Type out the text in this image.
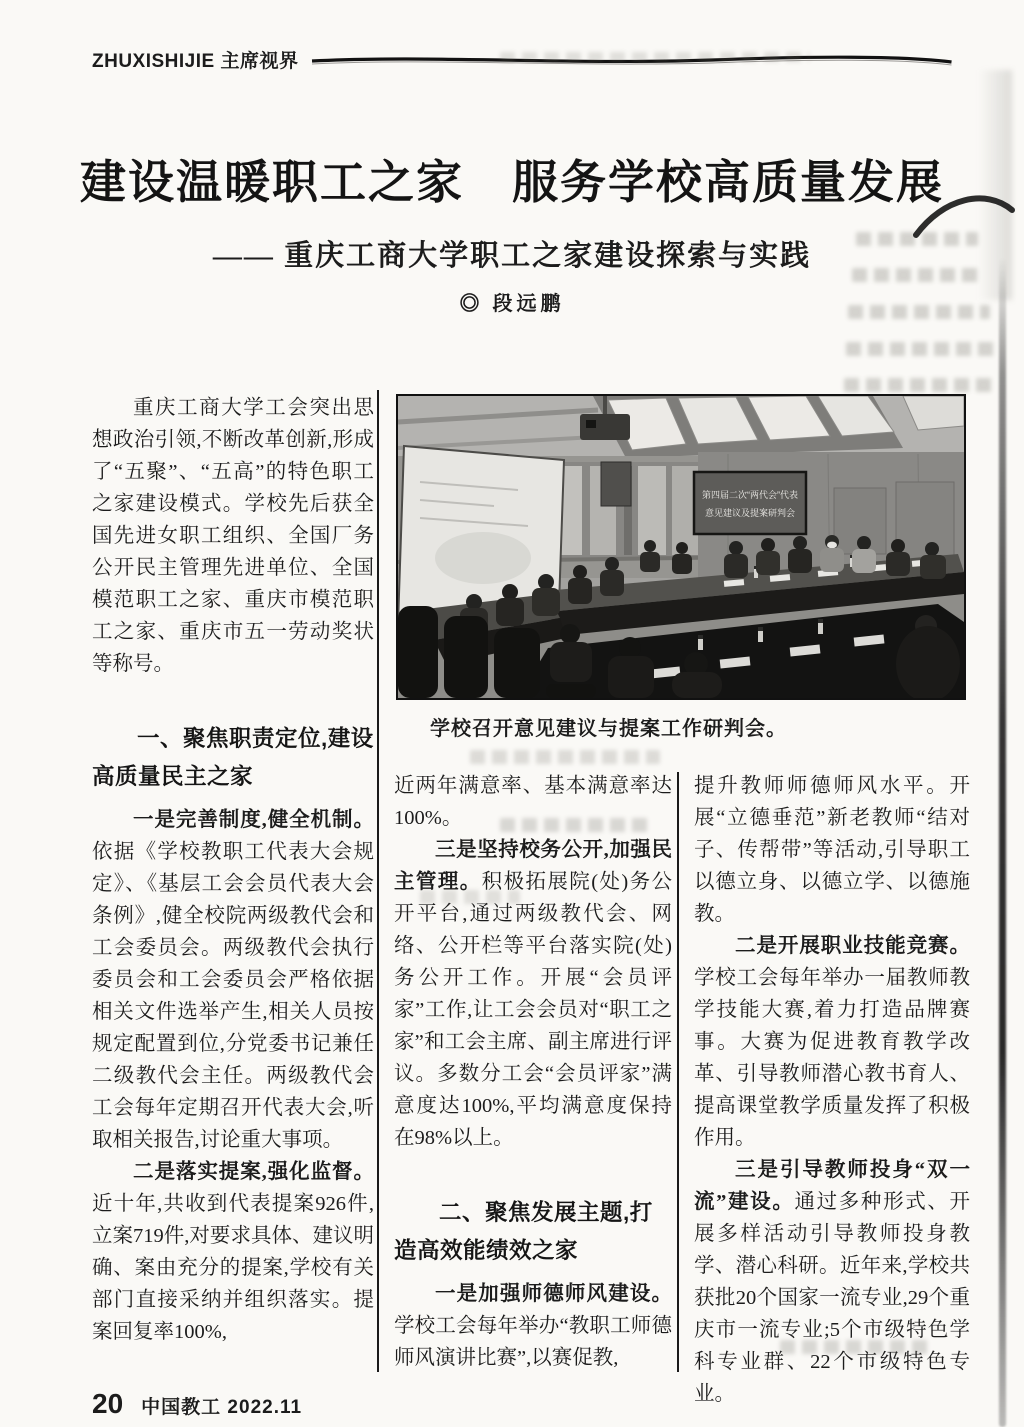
ZHUXISHIJIE 主席视界
建设温暖职工之家　服务学校高质量发展
—— 重庆工商大学职工之家建设探索与实践
◎ 段远鹏

重庆工商大学工会突出思想政治引领,不断改革创新,形成了“五聚”、“五高”的特色职工之家建设模式。学校先后获全国先进女职工组织、全国厂务公开民主管理先进单位、全国模范职工之家、重庆市模范职工之家、重庆市五一劳动奖状等称号。

一、聚焦职责定位,建设高质量民主之家

一是完善制度,健全机制。依据《学校教职工代表大会规定》、《基层工会会员代表大会条例》,健全校院两级教代会和工会委员会。两级教代会执行委员会和工会委员会严格依据相关文件选举产生,相关人员按规定配置到位,分党委书记兼任二级教代会主任。两级教代会工会每年定期召开代表大会,听取相关报告,讨论重大事项。

二是落实提案,强化监督。近十年,共收到代表提案926件,立案719件,对要求具体、建议明确、案由充分的提案,学校有关部门直接采纳并组织落实。提案回复率100%,

第四届二次“两代会”代表
意见建议及提案研判会
学校召开意见建议与提案工作研判会。

近两年满意率、基本满意率达100%。

三是坚持校务公开,加强民主管理。积极拓展院(处)务公开平台,通过两级教代会、网络、公开栏等平台落实院(处)务公开工作。开展“会员评家”工作,让工会会员对“职工之家”和工会主席、副主席进行评议。多数分工会“会员评家”满意度达100%,平均满意度保持在98%以上。

二、聚焦发展主题,打造高效能绩效之家

一是加强师德师风建设。学校工会每年举办“教职工师德师风演讲比赛”,以赛促教,

提升教师师德师风水平。开展“立德垂范”新老教师“结对子、传帮带”等活动,引导职工以德立身、以德立学、以德施教。

二是开展职业技能竞赛。学校工会每年举办一届教师教学技能大赛,着力打造品牌赛事。大赛为促进教育教学改革、引导教师潜心教书育人、提高课堂教学质量发挥了积极作用。

三是引导教师投身“双一流”建设。通过多种形式、开展多样活动引导教师投身教学、潜心科研。近年来,学校共获批20个国家一流专业,29个重庆市一流专业;5个市级特色学科专业群、22个市级特色专业。

20 中国教工 2022.11
